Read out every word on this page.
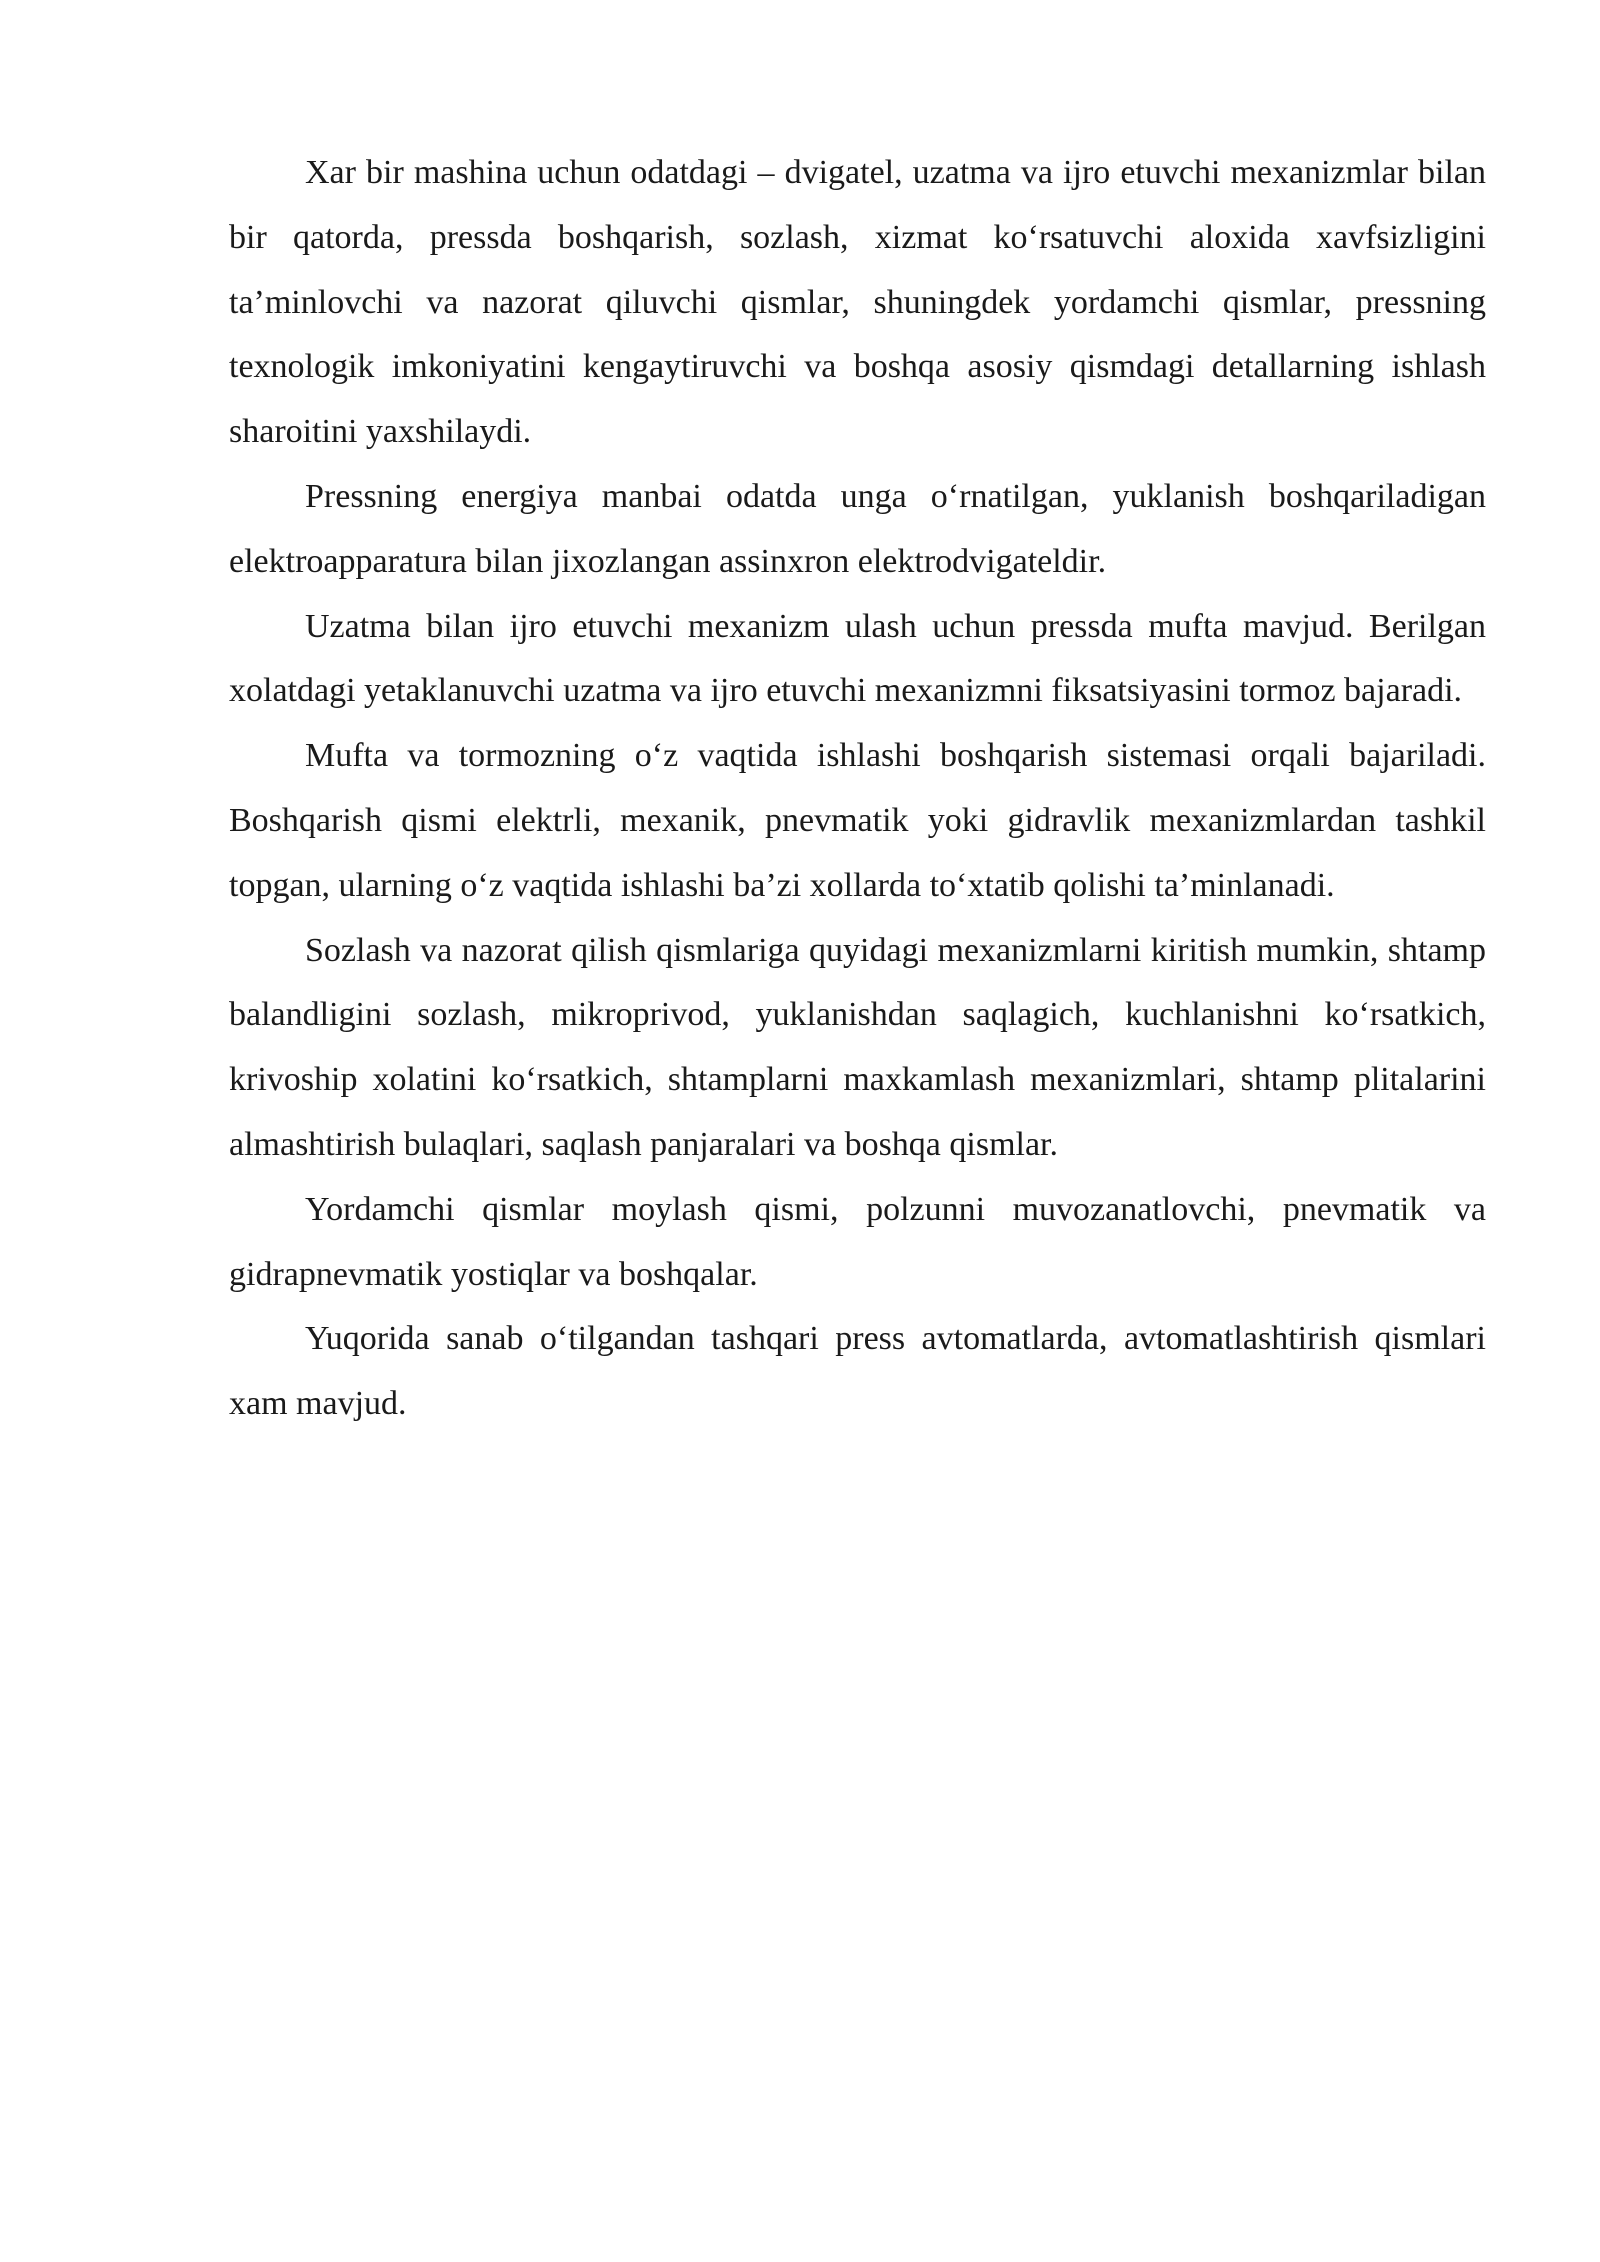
Xar bir mashina uchun odatdagi – dvigatel, uzatma va ijro etuvchi mexanizmlar bilan bir qatorda, pressda boshqarish, sozlash, xizmat ko‘rsatuvchi aloxida xavfsizligini ta’minlovchi va nazorat qiluvchi qismlar, shuningdek yordamchi qismlar, pressning texnologik imkoniyatini kengaytiruvchi va boshqa asosiy qismdagi detallarning ishlash sharoitini yaxshilaydi.

Pressning energiya manbai odatda unga o‘rnatilgan, yuklanish boshqariladigan elektroapparatura bilan jixozlangan assinxron elektrodvigateldir.

Uzatma bilan ijro etuvchi mexanizm ulash uchun pressda mufta mavjud. Berilgan xolatdagi yetaklanuvchi uzatma va ijro etuvchi mexanizmni fiksatsiyasini tormoz bajaradi.

Mufta va tormozning o‘z vaqtida ishlashi boshqarish sistemasi orqali bajariladi. Boshqarish qismi elektrli, mexanik, pnevmatik yoki gidravlik mexanizmlardan tashkil topgan, ularning o‘z vaqtida ishlashi ba’zi xollarda to‘xtatib qolishi ta’minlanadi.

Sozlash va nazorat qilish qismlariga quyidagi mexanizmlarni kiritish mumkin, shtamp balandligini sozlash, mikroprivod, yuklanishdan saqlagich, kuchlanishni ko‘rsatkich, krivoship xolatini ko‘rsatkich, shtamplarni maxkamlash mexanizmlari, shtamp plitalarini almashtirish bulaqlari, saqlash panjaralari va boshqa qismlar.

Yordamchi qismlar moylash qismi, polzunni muvozanatlovchi, pnevmatik va gidrapnevmatik yostiqlar va boshqalar.

Yuqorida sanab o‘tilgandan tashqari press avtomatlarda, avtomatlashtirish qismlari xam mavjud.
